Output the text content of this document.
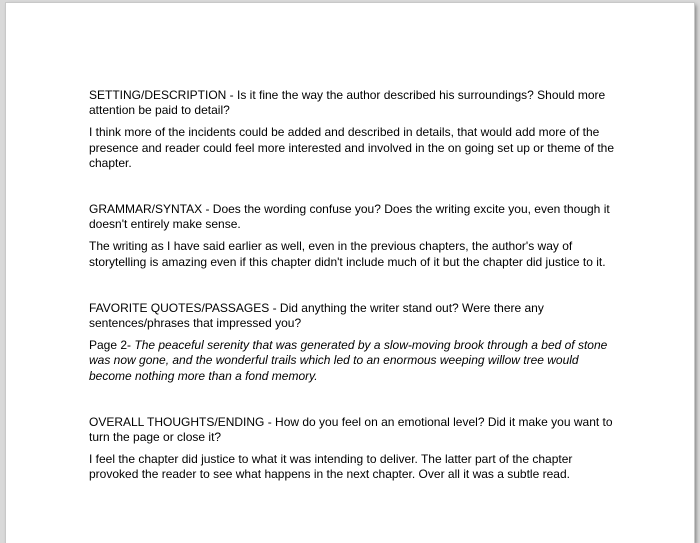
SETTING/DESCRIPTION - Is it fine the way the author described his surroundings? Should more attention be paid to detail?

I think more of the incidents could be added and described in details, that would add more of the presence and reader could feel more interested and involved in the on going set up or theme of the chapter.

GRAMMAR/SYNTAX - Does the wording confuse you? Does the writing excite you, even though it doesn't entirely make sense.

The writing as I have said earlier as well, even in the previous chapters, the author's way of storytelling is amazing even if this chapter didn't include much of it but the chapter did justice to it.

FAVORITE QUOTES/PASSAGES - Did anything the writer stand out? Were there any sentences/phrases that impressed you?

Page 2- The peaceful serenity that was generated by a slow-moving brook through a bed of stone was now gone, and the wonderful trails which led to an enormous weeping willow tree would become nothing more than a fond memory.

OVERALL THOUGHTS/ENDING - How do you feel on an emotional level? Did it make you want to turn the page or close it?

I feel the chapter did justice to what it was intending to deliver. The latter part of the chapter provoked the reader to see what happens in the next chapter. Over all it was a subtle read.
